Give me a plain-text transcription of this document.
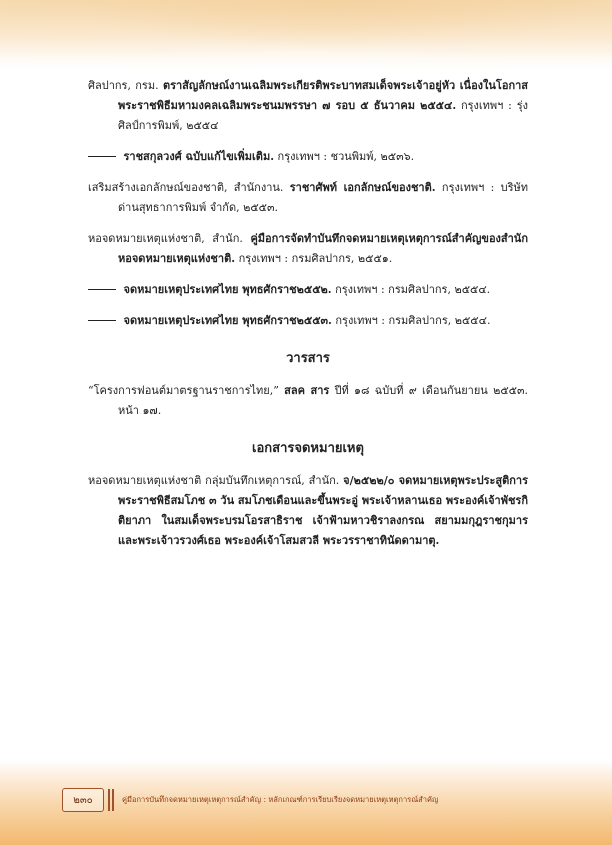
ศิลปากร, กรม. ตราสัญลักษณ์งานเฉลิมพระเกียรติพระบาทสมเด็จพระเจ้าอยู่หัว เนื่องในโอกาสพระราชพิธีมหามงคลเฉลิมพระชนมพรรษา ๗ รอบ ๕ ธันวาคม ๒๕๕๔. กรุงเทพฯ : รุ่งศิลป์การพิมพ์, ๒๕๕๔

ราชสกุลวงศ์ ฉบับแก้ไขเพิ่มเติม. กรุงเทพฯ : ชวนพิมพ์, ๒๕๓๖.

เสริมสร้างเอกลักษณ์ของชาติ, สำนักงาน. ราชาศัพท์ เอกลักษณ์ของชาติ. กรุงเทพฯ : บริษัท ด่านสุทธาการพิมพ์ จำกัด, ๒๕๕๓.

หอจดหมายเหตุแห่งชาติ, สำนัก. คู่มือการจัดทำบันทึกจดหมายเหตุเหตุการณ์สำคัญของสำนักหอจดหมายเหตุแห่งชาติ. กรุงเทพฯ : กรมศิลปากร, ๒๕๕๑.

จดหมายเหตุประเทศไทย พุทธศักราช๒๕๕๒. กรุงเทพฯ : กรมศิลปากร, ๒๕๕๔.

จดหมายเหตุประเทศไทย พุทธศักราช๒๕๕๓. กรุงเทพฯ : กรมศิลปากร, ๒๕๕๔.

วารสาร

“โครงการฟอนต์มาตรฐานราชการไทย,” สลค สาร ปีที่ ๑๘ ฉบับที่ ๙ เดือนกันยายน ๒๕๕๓. หน้า ๑๗.

เอกสารจดหมายเหตุ

หอจดหมายเหตุแห่งชาติ กลุ่มบันทึกเหตุการณ์, สำนัก. จ/๒๕๒๒/๐ จดหมายเหตุพระประสูติการ พระราชพิธีสมโภช ๓ วัน สมโภชเดือนและขึ้นพระอู่ พระเจ้าหลานเธอ พระองค์เจ้าพัชรกิติยาภา ในสมเด็จพระบรมโอรสาธิราช เจ้าฟ้ามหาวชิราลงกรณ สยามมกุฎราชกุมาร และพระเจ้าวรวงศ์เธอ พระองค์เจ้าโสมสวลี พระวรราชาทินัดดามาตุ.

๒๓๐	คู่มือการบันทึกจดหมายเหตุเหตุการณ์สำคัญ : หลักเกณฑ์การเรียบเรียงจดหมายเหตุเหตุการณ์สำคัญ
